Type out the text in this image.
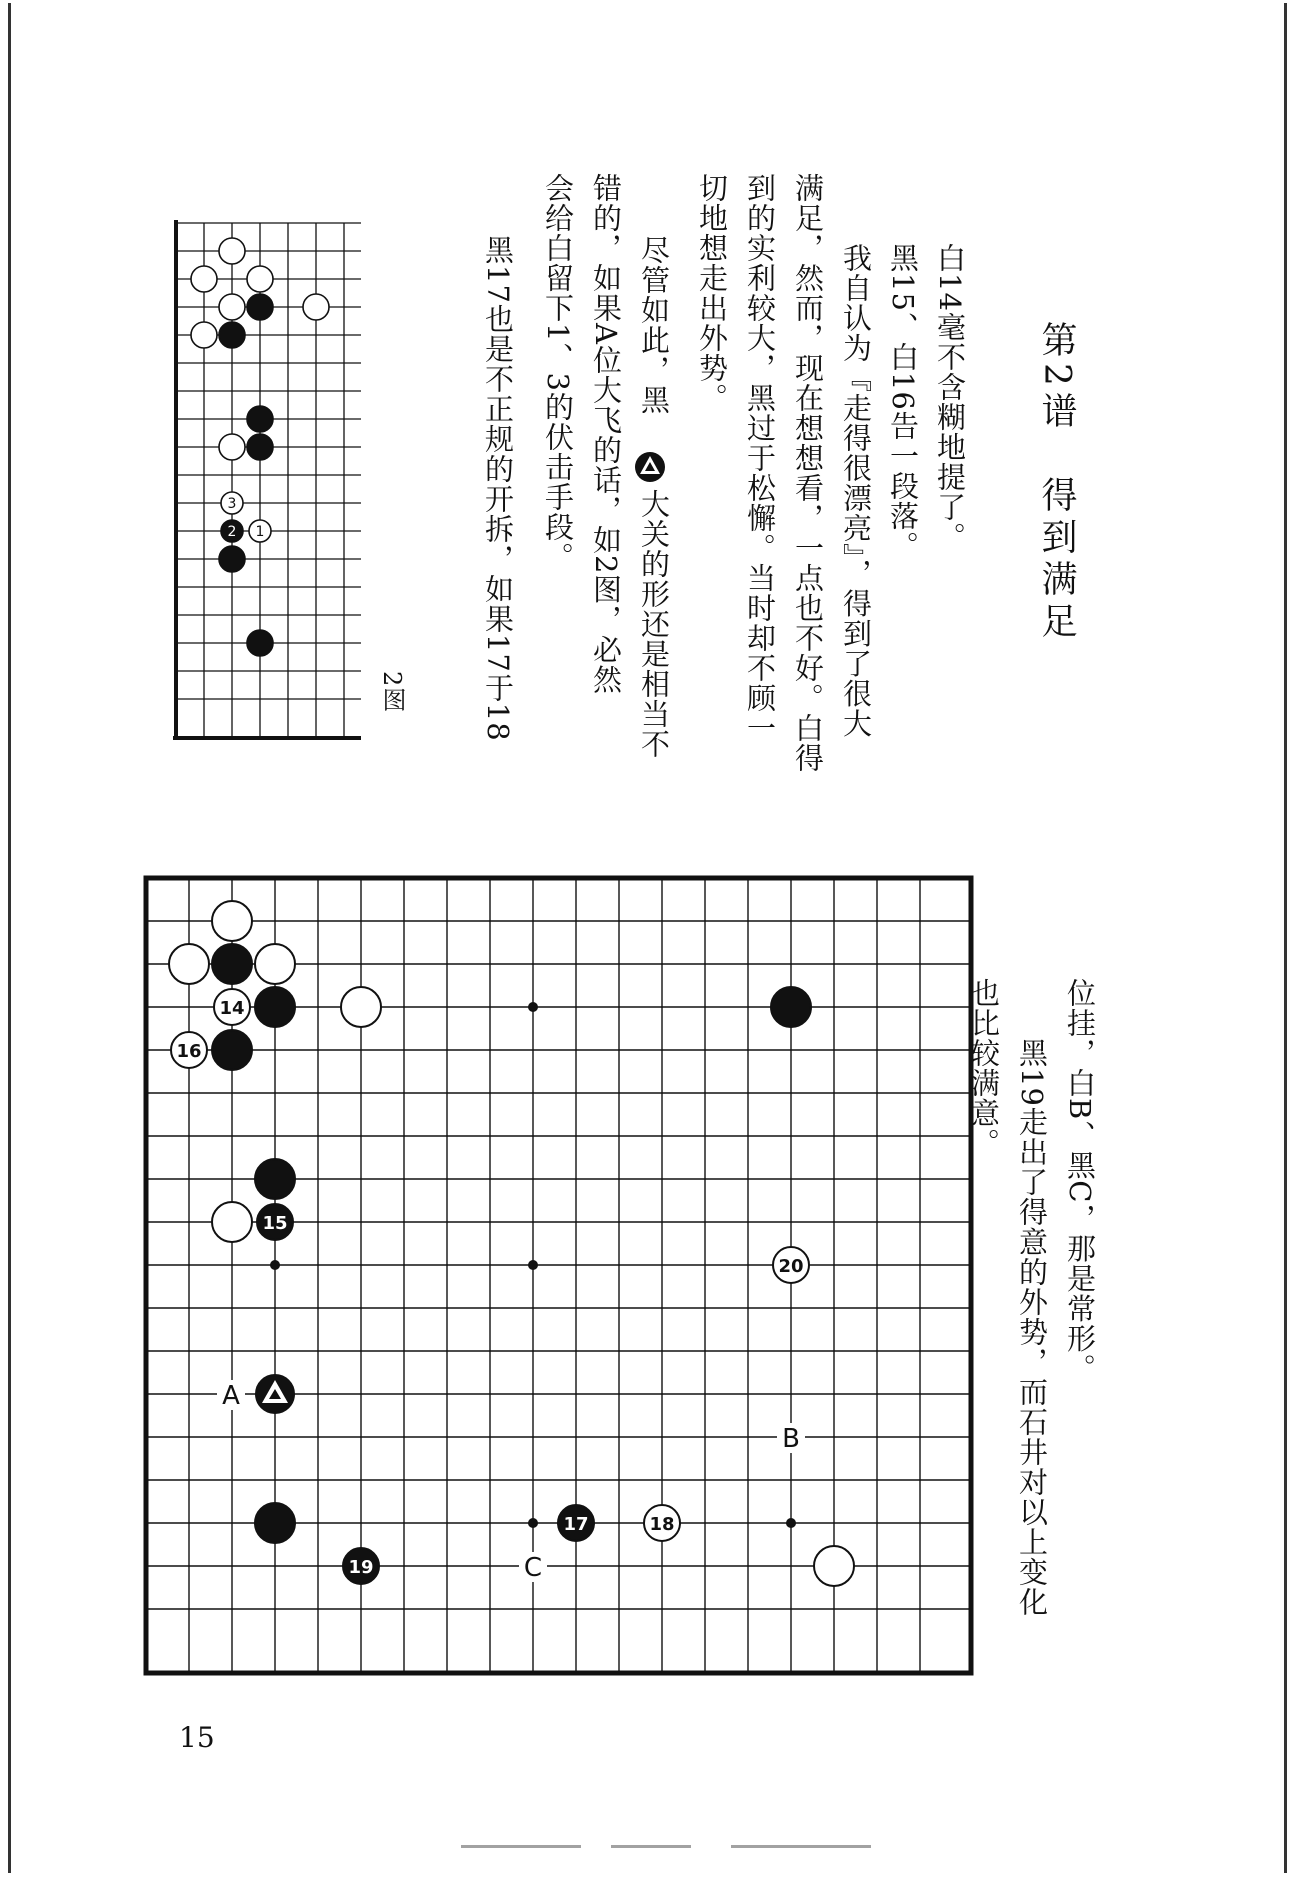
第2谱　得到满足
白14毫不含糊地提了。
黑15、白16告一段落。
我自认为『走得很漂亮』，得到了很大
满足，然而，现在想想看，一点也不好。白得
到的实利较大，黑过于松懈。当时却不顾一
切地想走出外势。
尽管如此，黑
大关的形还是相当不
错的，如果A位大飞的话，如2图，必然
会给白留下1、3的伏击手段。
黑17也是不正规的开拆，如果17于18
位挂，白B、黑C，那是常形。
黑19走出了得意的外势，而石井对以上变化
也比较满意。
3
2 1
2图
14
15
16
17	18
19
20
A
B
C
15
